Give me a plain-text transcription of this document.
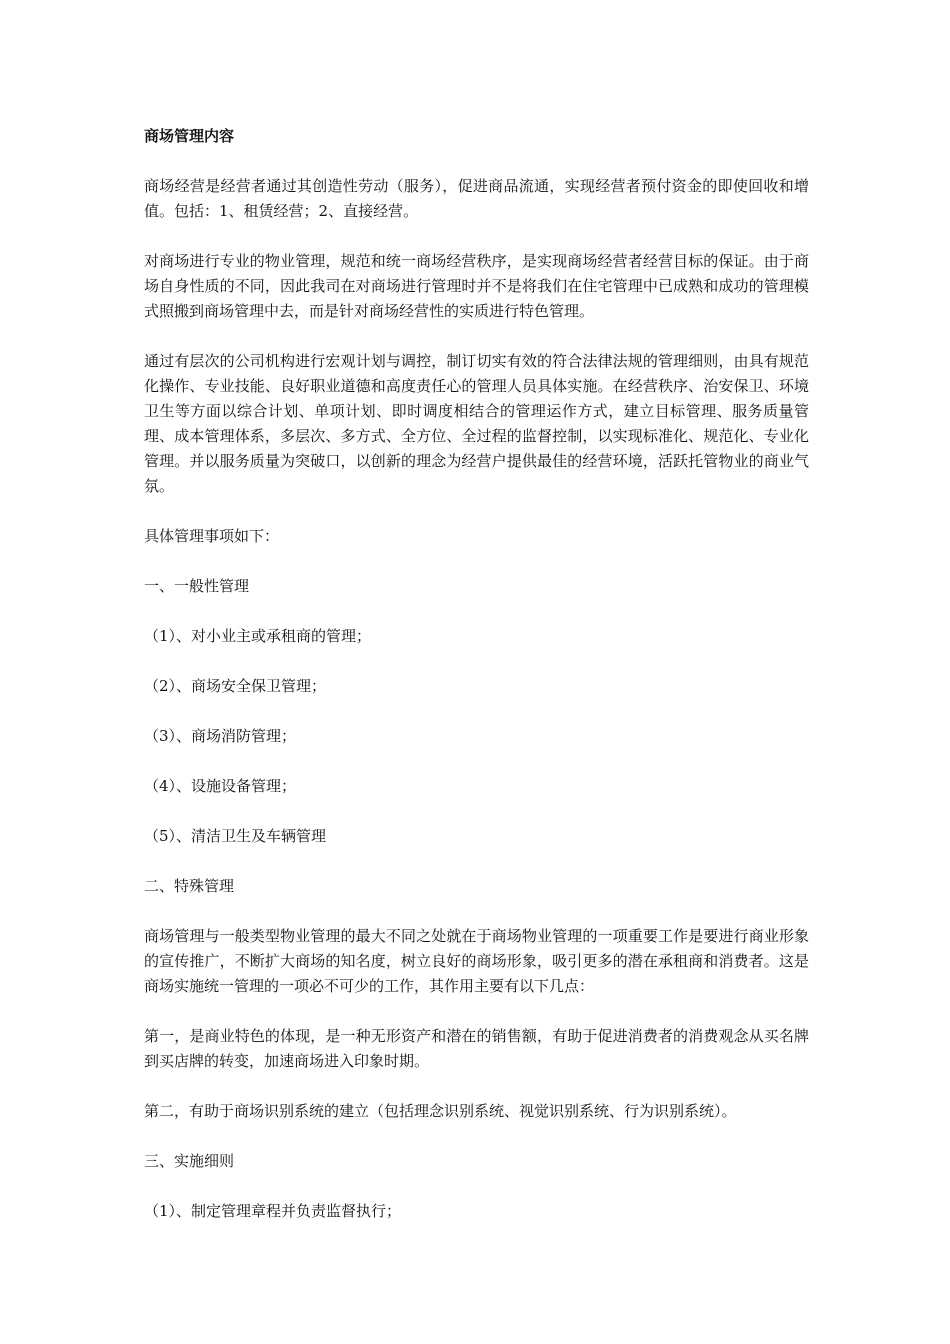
商场管理内容

商场经营是经营者通过其创造性劳动（服务），促进商品流通，实现经营者预付资金的即使回收和增值。包括：1、租赁经营；2、直接经营。

对商场进行专业的物业管理，规范和统一商场经营秩序，是实现商场经营者经营目标的保证。由于商场自身性质的不同，因此我司在对商场进行管理时并不是将我们在住宅管理中已成熟和成功的管理模式照搬到商场管理中去，而是针对商场经营性的实质进行特色管理。

通过有层次的公司机构进行宏观计划与调控，制订切实有效的符合法律法规的管理细则，由具有规范化操作、专业技能、良好职业道德和高度责任心的管理人员具体实施。在经营秩序、治安保卫、环境卫生等方面以综合计划、单项计划、即时调度相结合的管理运作方式，建立目标管理、服务质量管理、成本管理体系，多层次、多方式、全方位、全过程的监督控制，以实现标准化、规范化、专业化管理。并以服务质量为突破口，以创新的理念为经营户提供最佳的经营环境，活跃托管物业的商业气氛。

具体管理事项如下：

一、一般性管理

（1）、对小业主或承租商的管理；

（2）、商场安全保卫管理；

（3）、商场消防管理；

（4）、设施设备管理；

（5）、清洁卫生及车辆管理

二、特殊管理

商场管理与一般类型物业管理的最大不同之处就在于商场物业管理的一项重要工作是要进行商业形象的宣传推广，不断扩大商场的知名度，树立良好的商场形象，吸引更多的潜在承租商和消费者。这是商场实施统一管理的一项必不可少的工作，其作用主要有以下几点：

第一，是商业特色的体现，是一种无形资产和潜在的销售额，有助于促进消费者的消费观念从买名牌到买店牌的转变，加速商场进入印象时期。

第二，有助于商场识别系统的建立（包括理念识别系统、视觉识别系统、行为识别系统）。

三、实施细则

（1）、制定管理章程并负责监督执行；
